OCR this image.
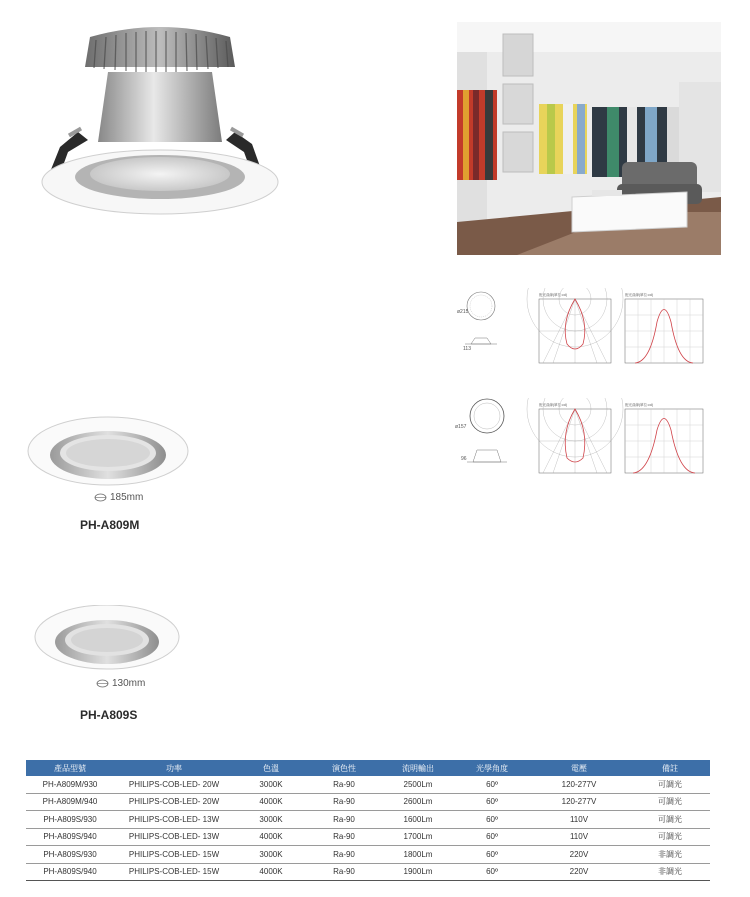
ø215
113
配光曲線(單位:cd)	配光曲線(單位:cd)
ø157
96
配光曲線(單位:cd)	配光曲線(單位:cd)
185mm
PH-A809M
130mm
PH-A809S
產品型號	功率	色溫	演色性	流明輸出	光學角度	電壓	備註
PH-A809M/930	PHILIPS-COB-LED- 20W	3000K	Ra-90	2500Lm	60º	120-277V	可調光
PH-A809M/940	PHILIPS-COB-LED- 20W	4000K	Ra-90	2600Lm	60º	120-277V	可調光
PH-A809S/930	PHILIPS-COB-LED- 13W	3000K	Ra-90	1600Lm	60º	110V	可調光
PH-A809S/940	PHILIPS-COB-LED- 13W	4000K	Ra-90	1700Lm	60º	110V	可調光
PH-A809S/930	PHILIPS-COB-LED- 15W	3000K	Ra-90	1800Lm	60º	220V	非調光
PH-A809S/940	PHILIPS-COB-LED- 15W	4000K	Ra-90	1900Lm	60º	220V	非調光
